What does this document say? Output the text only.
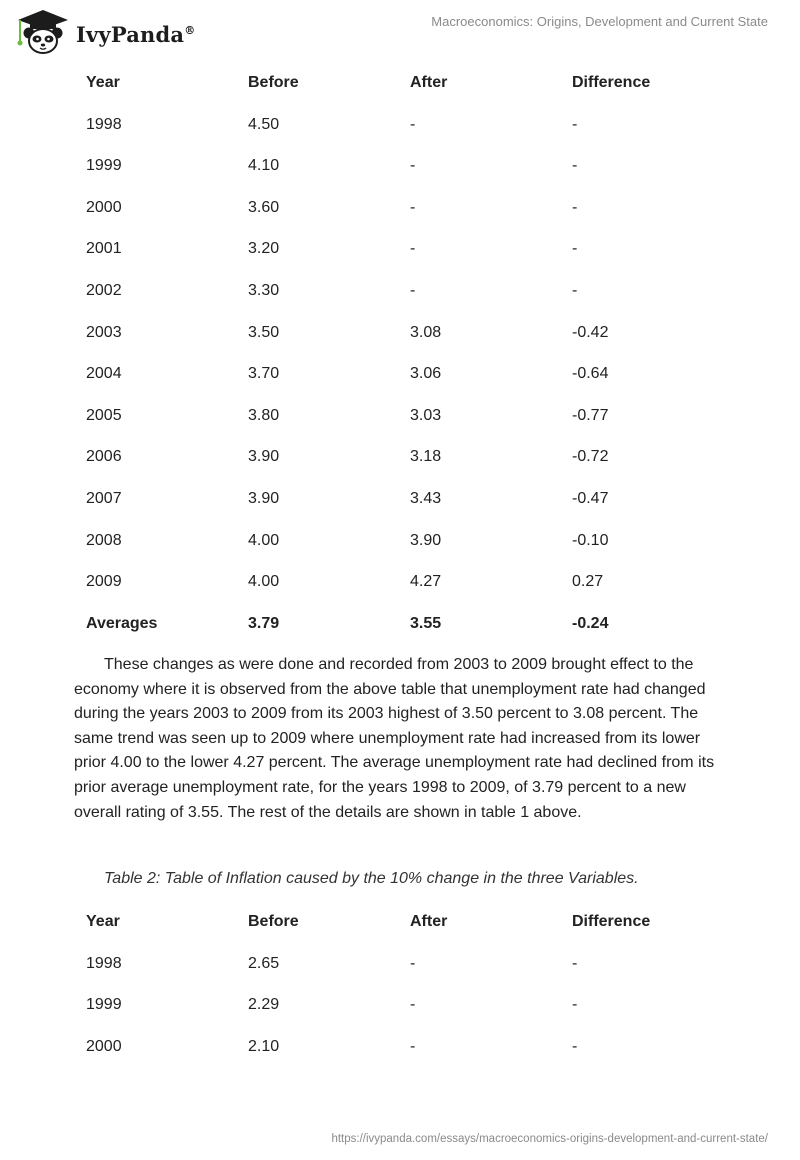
IvyPanda®
Macroeconomics: Origins, Development and Current State
Year	Before	After	Difference
1998	4.50	-	-
1999	4.10	-	-
2000	3.60	-	-
2001	3.20	-	-
2002	3.30	-	-
2003	3.50	3.08	-0.42
2004	3.70	3.06	-0.64
2005	3.80	3.03	-0.77
2006	3.90	3.18	-0.72
2007	3.90	3.43	-0.47
2008	4.00	3.90	-0.10
2009	4.00	4.27	0.27
Averages	3.79	3.55	-0.24

These changes as were done and recorded from 2003 to 2009 brought effect to the economy where it is observed from the above table that unemployment rate had changed during the years 2003 to 2009 from its 2003 highest of 3.50 percent to 3.08 percent. The same trend was seen up to 2009 where unemployment rate had increased from its lower prior 4.00 to the lower 4.27 percent. The average unemployment rate had declined from its prior average unemployment rate, for the years 1998 to 2009, of 3.79 percent to a new overall rating of 3.55. The rest of the details are shown in table 1 above.

Table 2: Table of Inflation caused by the 10% change in the three Variables.
Year	Before	After	Difference
1998	2.65	-	-
1999	2.29	-	-
2000	2.10	-	-
https://ivypanda.com/essays/macroeconomics-origins-development-and-current-state/
